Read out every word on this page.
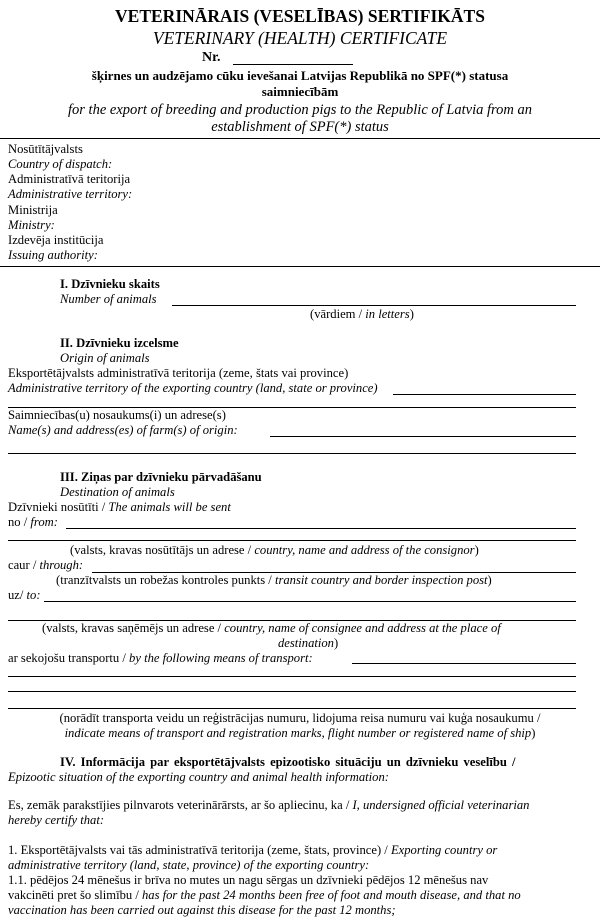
VETERINĀRAIS (VESELĪBAS) SERTIFIKĀTS
VETERINARY (HEALTH) CERTIFICATE
Nr.
šķirnes un audzējamo cūku ievešanai Latvijas Republikā no SPF(*) statusa
saimniecībām
for the export of breeding and production pigs to the Republic of Latvia from an
establishment of SPF(*) status
Nosūtītājvalsts
Country of dispatch:
Administratīvā teritorija
Administrative territory:
Ministrija
Ministry:
Izdevēja institūcija
Issuing authority:
I. Dzīvnieku skaits
Number of animals
(vārdiem / in letters)
II. Dzīvnieku izcelsme
Origin of animals
Eksportētājvalsts administratīvā teritorija (zeme, štats vai province)
Administrative territory of the exporting country (land, state or province)
Saimniecības(u) nosaukums(i) un adrese(s)
Name(s) and address(es) of farm(s) of origin:
III. Ziņas par dzīvnieku pārvadāšanu
Destination of animals
Dzīvnieki nosūtīti / The animals will be sent
no / from:
(valsts, kravas nosūtītājs un adrese / country, name and address of the consignor)
caur / through:
(tranzītvalsts un robežas kontroles punkts / transit country and border inspection post)
uz/ to:
(valsts, kravas saņēmējs un adrese / country, name of consignee and address at the place of
destination)
ar sekojošu transportu / by the following means of transport:
(norādīt transporta veidu un reģistrācijas numuru, lidojuma reisa numuru vai kuģa nosaukumu /
indicate means of transport and registration marks, flight number or registered name of ship)
IV. Informācija par eksportētājvalsts epizootisko situāciju un dzīvnieku veselību /
Epizootic situation of the exporting country and animal health information:
Es, zemāk parakstījies pilnvarots veterinārārsts, ar šo apliecinu, ka / I, undersigned official veterinarian
hereby certify that:
1. Eksportētājvalsts vai tās administratīvā teritorija (zeme, štats, province) / Exporting country or
administrative territory (land, state, province) of the exporting country:
1.1. pēdējos 24 mēnešus ir brīva no mutes un nagu sērgas un dzīvnieki pēdējos 12 mēnešus nav
vakcinēti pret šo slimību / has for the past 24 months been free of foot and mouth disease, and that no
vaccination has been carried out against this disease for the past 12 months;
